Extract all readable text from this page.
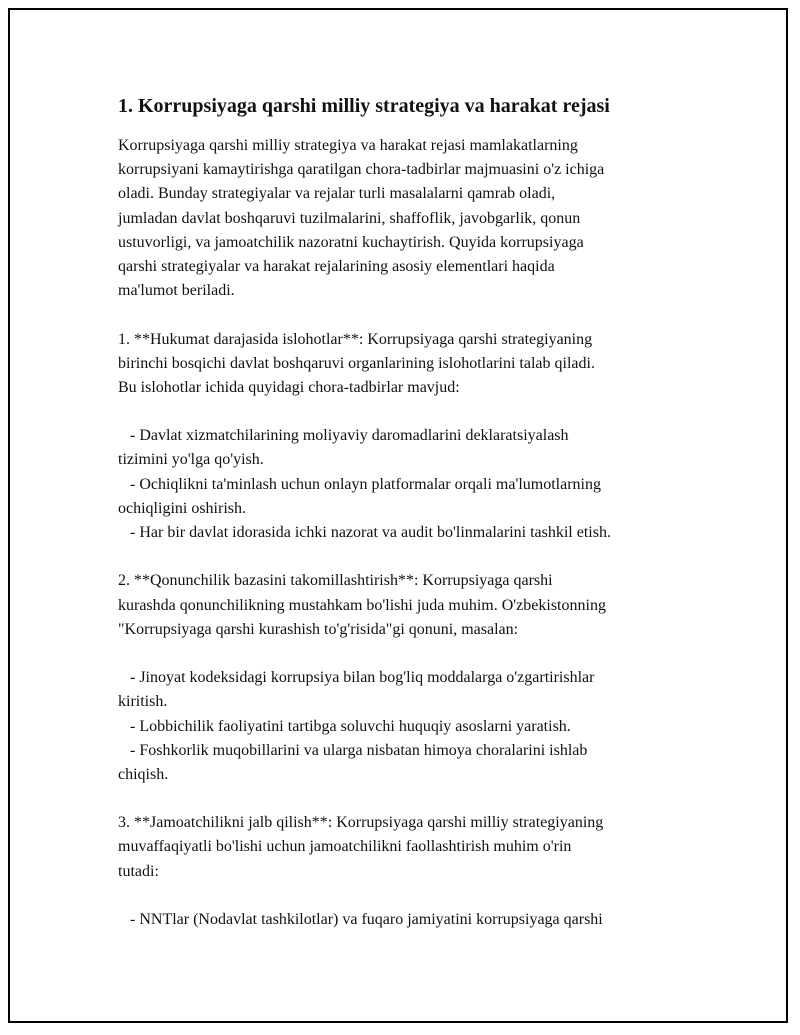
1. Korrupsiyaga qarshi milliy strategiya va harakat rejasi
Korrupsiyaga qarshi milliy strategiya va harakat rejasi mamlakatlarning
korrupsiyani kamaytirishga qaratilgan chora-tadbirlar majmuasini o'z ichiga
oladi. Bunday strategiyalar va rejalar turli masalalarni qamrab oladi,
jumladan davlat boshqaruvi tuzilmalarini, shaffoflik, javobgarlik, qonun
ustuvorligi, va jamoatchilik nazoratni kuchaytirish. Quyida korrupsiyaga
qarshi strategiyalar va harakat rejalarining asosiy elementlari haqida
ma'lumot beriladi.
1. **Hukumat darajasida islohotlar**: Korrupsiyaga qarshi strategiyaning
birinchi bosqichi davlat boshqaruvi organlarining islohotlarini talab qiladi.
Bu islohotlar ichida quyidagi chora-tadbirlar mavjud:
- Davlat xizmatchilarining moliyaviy daromadlarini deklaratsiyalash
tizimini yo'lga qo'yish.
- Ochiqlikni ta'minlash uchun onlayn platformalar orqali ma'lumotlarning
ochiqligini oshirish.
- Har bir davlat idorasida ichki nazorat va audit bo'linmalarini tashkil etish.
2. **Qonunchilik bazasini takomillashtirish**: Korrupsiyaga qarshi
kurashda qonunchilikning mustahkam bo'lishi juda muhim. O'zbekistonning
"Korrupsiyaga qarshi kurashish to'g'risida"gi qonuni, masalan:
- Jinoyat kodeksidagi korrupsiya bilan bog'liq moddalarga o'zgartirishlar
kiritish.
- Lobbichilik faoliyatini tartibga soluvchi huquqiy asoslarni yaratish.
- Foshkorlik muqobillarini va ularga nisbatan himoya choralarini ishlab
chiqish.
3. **Jamoatchilikni jalb qilish**: Korrupsiyaga qarshi milliy strategiyaning
muvaffaqiyatli bo'lishi uchun jamoatchilikni faollashtirish muhim o'rin
tutadi:
- NNTlar (Nodavlat tashkilotlar) va fuqaro jamiyatini korrupsiyaga qarshi
